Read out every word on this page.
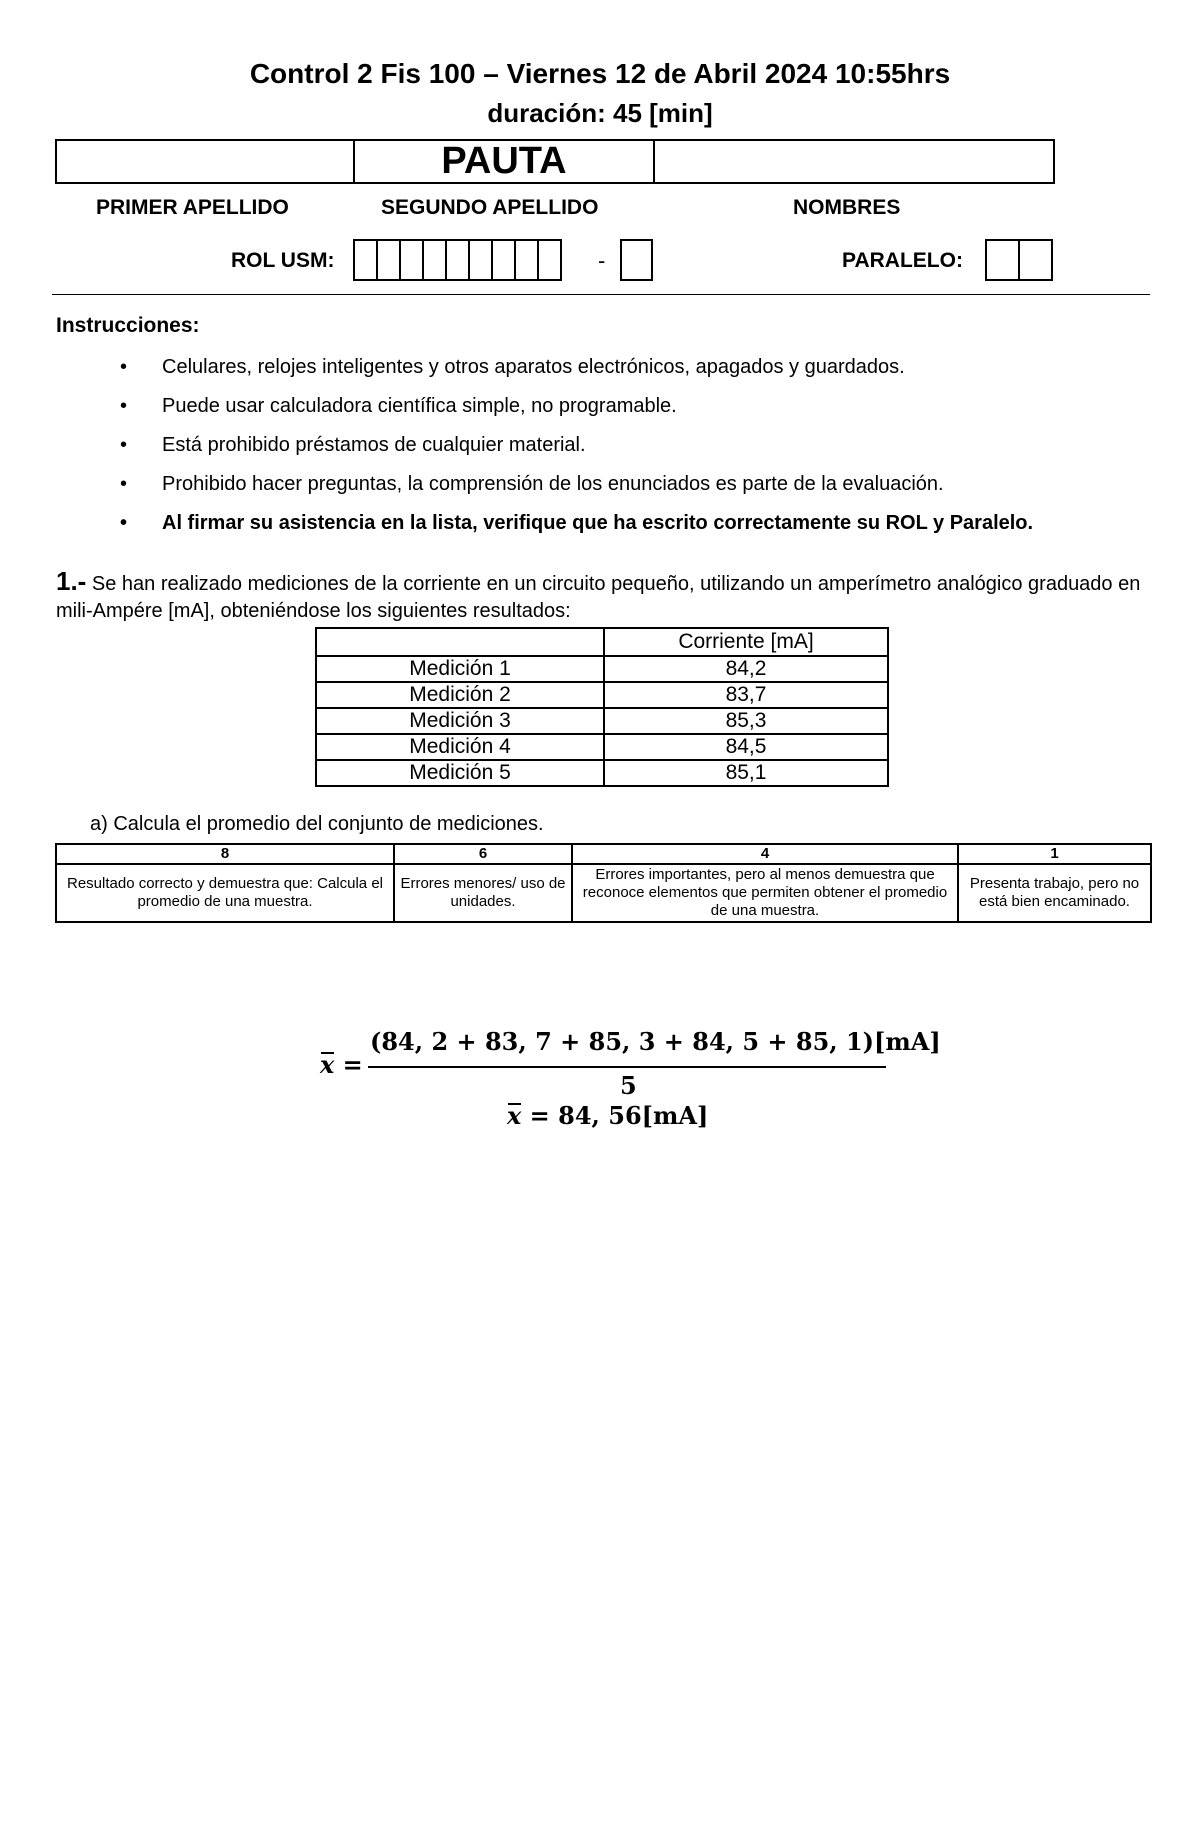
Control 2 Fis 100 – Viernes 12 de Abril 2024 10:55hrs
duración: 45 [min]
PAUTA
PRIMER APELLIDO	SEGUNDO APELLIDO	NOMBRES
ROL USM:	-	PARALELO:
Instrucciones:
• Celulares, relojes inteligentes y otros aparatos electrónicos, apagados y guardados.
• Puede usar calculadora científica simple, no programable.
• Está prohibido préstamos de cualquier material.
• Prohibido hacer preguntas, la comprensión de los enunciados es parte de la evaluación.
• Al firmar su asistencia en la lista, verifique que ha escrito correctamente su ROL y Paralelo.
1.- Se han realizado mediciones de la corriente en un circuito pequeño, utilizando un amperímetro analógico graduado en mili-Ampére [mA], obteniéndose los siguientes resultados:
	Corriente [mA]
Medición 1	84,2
Medición 2	83,7
Medición 3	85,3
Medición 4	84,5
Medición 5	85,1
a) Calcula el promedio del conjunto de mediciones.
8	6	4	1
Resultado correcto y demuestra que: Calcula el promedio de una muestra.	Errores menores/ uso de unidades.	Errores importantes, pero al menos demuestra que reconoce elementos que permiten obtener el promedio de una muestra.	Presenta trabajo, pero no está bien encaminado.
x =
(84, 2 + 83, 7 + 85, 3 + 84, 5 + 85, 1)[mA]
5
x = 84, 56[mA]
